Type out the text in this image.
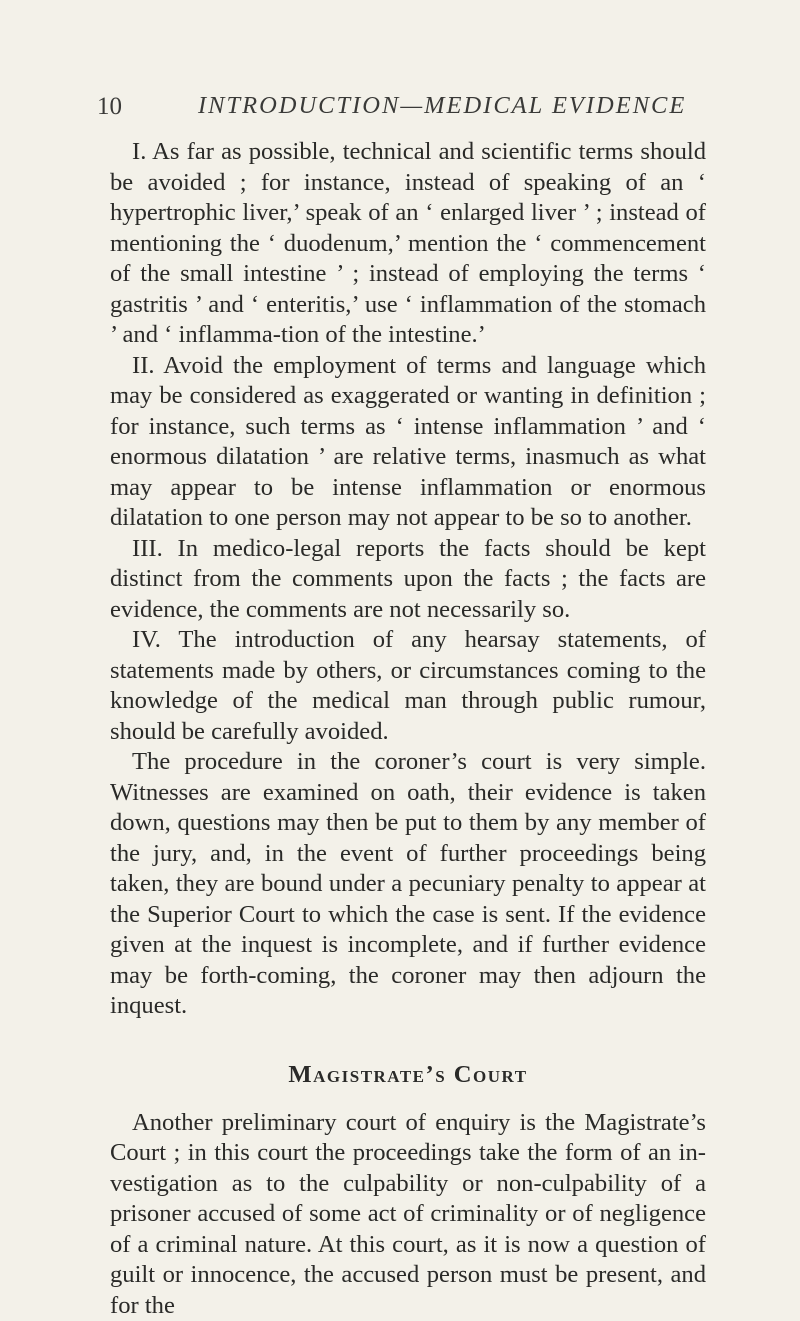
10	INTRODUCTION—MEDICAL EVIDENCE

I. As far as possible, technical and scientific terms should be avoided ; for instance, instead of speaking of an ‘ hypertrophic liver,’ speak of an ‘ enlarged liver ’ ; instead of mentioning the ‘ duodenum,’ mention the ‘ commencement of the small intestine ’ ; instead of employing the terms ‘ gastritis ’ and ‘ enteritis,’ use ‘ inflammation of the stomach ’ and ‘ inflamma-tion of the intestine.’

II. Avoid the employment of terms and language which may be considered as exaggerated or wanting in definition ; for instance, such terms as ‘ intense inflammation ’ and ‘ enormous dilatation ’ are relative terms, inasmuch as what may appear to be intense inflammation or enormous dilatation to one person may not appear to be so to another.

III. In medico-legal reports the facts should be kept distinct from the comments upon the facts ; the facts are evidence, the comments are not necessarily so.

IV. The introduction of any hearsay statements, of statements made by others, or circumstances coming to the knowledge of the medical man through public rumour, should be carefully avoided.

The procedure in the coroner’s court is very simple. Witnesses are examined on oath, their evidence is taken down, questions may then be put to them by any member of the jury, and, in the event of further proceedings being taken, they are bound under a pecuniary penalty to appear at the Superior Court to which the case is sent. If the evidence given at the inquest is incomplete, and if further evidence may be forth-coming, the coroner may then adjourn the inquest.

Magistrate’s Court

Another preliminary court of enquiry is the Magistrate’s Court ; in this court the proceedings take the form of an in-vestigation as to the culpability or non-culpability of a prisoner accused of some act of criminality or of negligence of a criminal nature. At this court, as it is now a question of guilt or innocence, the accused person must be present, and for the
